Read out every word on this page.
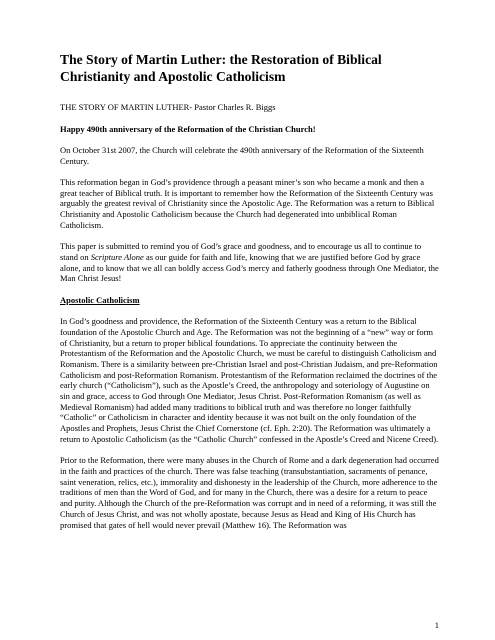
The Story of Martin Luther: the Restoration of Biblical Christianity and Apostolic Catholicism

THE STORY OF MARTIN LUTHER- Pastor Charles R. Biggs

Happy 490th anniversary of the Reformation of the Christian Church!

On October 31st 2007, the Church will celebrate the 490th anniversary of the Reformation of the Sixteenth Century.

This reformation began in God’s providence through a peasant miner’s son who became a monk and then a great teacher of Biblical truth. It is important to remember how the Reformation of the Sixteenth Century was arguably the greatest revival of Christianity since the Apostolic Age. The Reformation was a return to Biblical Christianity and Apostolic Catholicism because the Church had degenerated into unbiblical Roman Catholicism.

This paper is submitted to remind you of God’s grace and goodness, and to encourage us all to continue to stand on Scripture Alone as our guide for faith and life, knowing that we are justified before God by grace alone, and to know that we all can boldly access God’s mercy and fatherly goodness through One Mediator, the Man Christ Jesus!

Apostolic Catholicism

In God’s goodness and providence, the Reformation of the Sixteenth Century was a return to the Biblical foundation of the Apostolic Church and Age. The Reformation was not the beginning of a “new” way or form of Christianity, but a return to proper biblical foundations. To appreciate the continuity between the Protestantism of the Reformation and the Apostolic Church, we must be careful to distinguish Catholicism and Romanism. There is a similarity between pre-Christian Israel and post-Christian Judaism, and pre-Reformation Catholicism and post-Reformation Romanism. Protestantism of the Reformation reclaimed the doctrines of the early church (“Catholicism”), such as the Apostle’s Creed, the anthropology and soteriology of Augustine on sin and grace, access to God through One Mediator, Jesus Christ. Post-Reformation Romanism (as well as Medieval Romanism) had added many traditions to biblical truth and was therefore no longer faithfully “Catholic” or Catholicism in character and identity because it was not built on the only foundation of the Apostles and Prophets, Jesus Christ the Chief Cornerstone (cf. Eph. 2:20). The Reformation was ultimately a return to Apostolic Catholicism (as the “Catholic Church” confessed in the Apostle’s Creed and Nicene Creed).

Prior to the Reformation, there were many abuses in the Church of Rome and a dark degeneration had occurred in the faith and practices of the church. There was false teaching (transubstantiation, sacraments of penance, saint veneration, relics, etc.), immorality and dishonesty in the leadership of the Church, more adherence to the traditions of men than the Word of God, and for many in the Church, there was a desire for a return to peace and purity. Although the Church of the pre-Reformation was corrupt and in need of a reforming, it was still the Church of Jesus Christ, and was not wholly apostate, because Jesus as Head and King of His Church has promised that gates of hell would never prevail (Matthew 16). The Reformation was

1
